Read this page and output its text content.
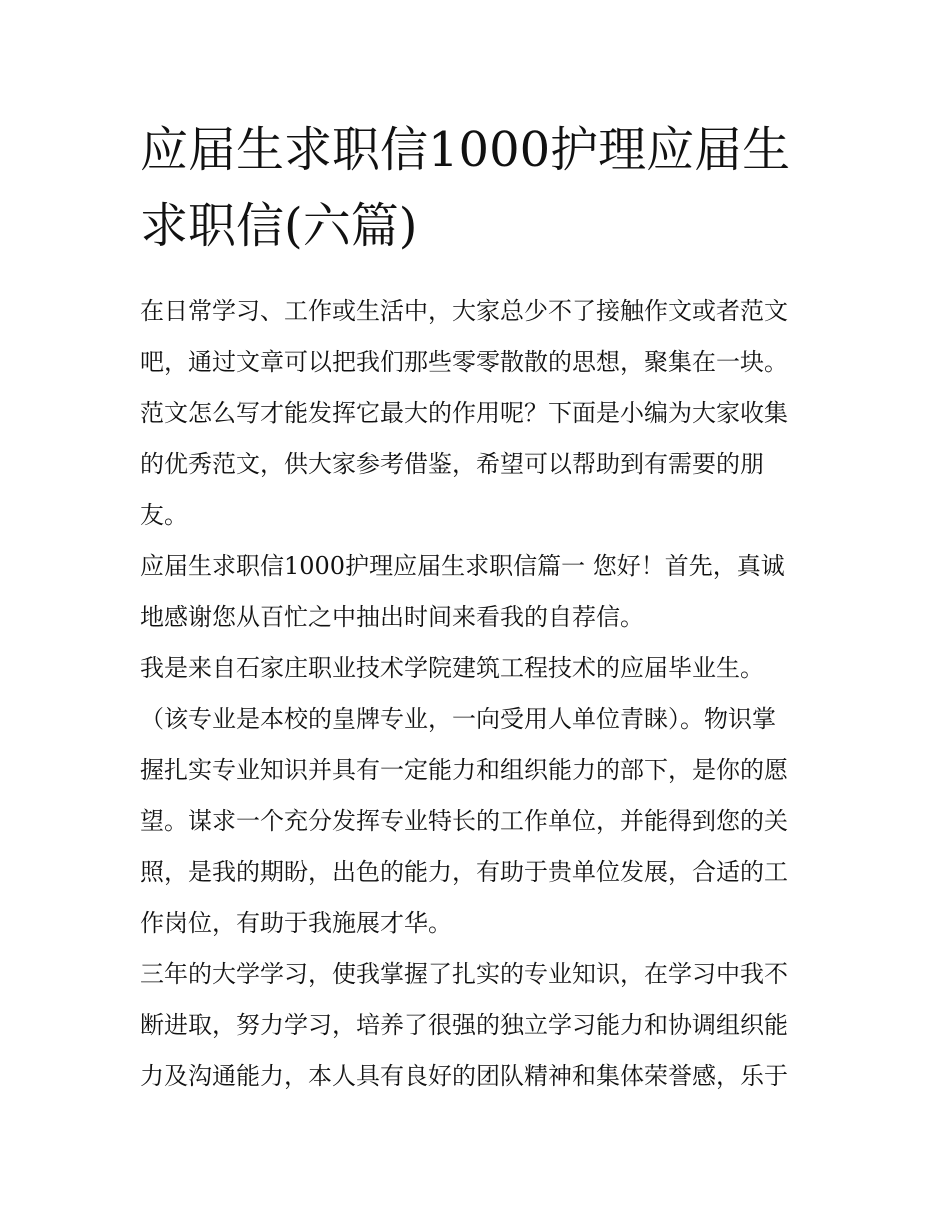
应届生求职信1000护理应届生
求职信(六篇)

在日常学习、工作或生活中，大家总少不了接触作文或者范文
吧，通过文章可以把我们那些零零散散的思想，聚集在一块。
范文怎么写才能发挥它最大的作用呢？下面是小编为大家收集
的优秀范文，供大家参考借鉴，希望可以帮助到有需要的朋
友。

应届生求职信1000护理应届生求职信篇一 您好！首先，真诚
地感谢您从百忙之中抽出时间来看我的自荐信。

我是来自石家庄职业技术学院建筑工程技术的应届毕业生。
（该专业是本校的皇牌专业，一向受用人单位青睐）。物识掌
握扎实专业知识并具有一定能力和组织能力的部下，是你的愿
望。谋求一个充分发挥专业特长的工作单位，并能得到您的关
照，是我的期盼，出色的能力，有助于贵单位发展，合适的工
作岗位，有助于我施展才华。

三年的大学学习，使我掌握了扎实的专业知识，在学习中我不
断进取，努力学习，培养了很强的独立学习能力和协调组织能
力及沟通能力，本人具有良好的团队精神和集体荣誉感，乐于
